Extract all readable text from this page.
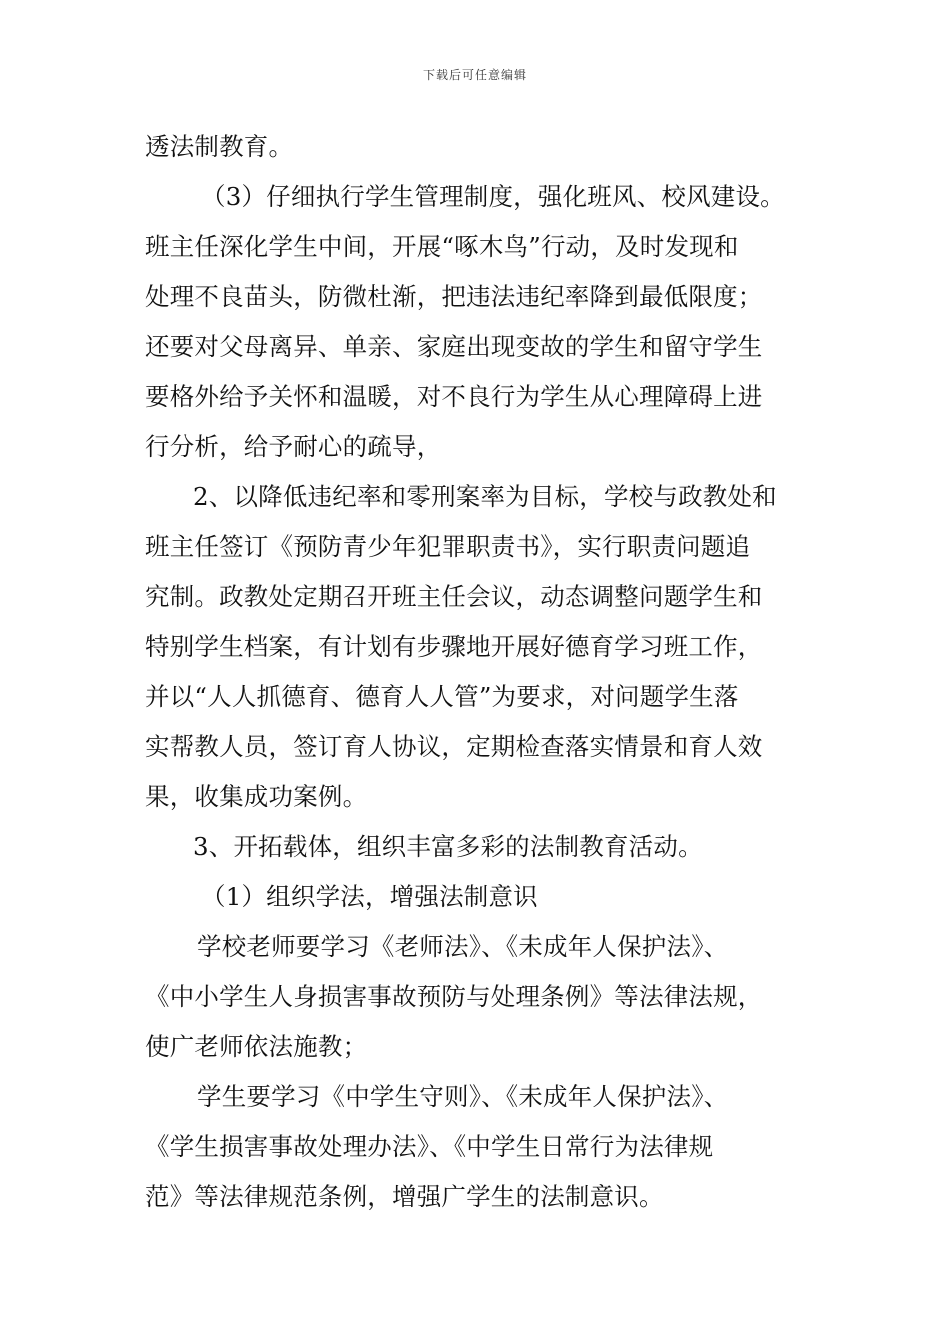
下载后可任意编辑
透法制教育。
（3）仔细执行学生管理制度，强化班风、校风建设。
班主任深化学生中间，开展“啄木鸟”行动，及时发现和
处理不良苗头，防微杜渐，把违法违纪率降到最低限度；
还要对父母离异、单亲、家庭出现变故的学生和留守学生
要格外给予关怀和温暖，对不良行为学生从心理障碍上进
行分析，给予耐心的疏导，
2、以降低违纪率和零刑案率为目标，学校与政教处和
班主任签订《预防青少年犯罪职责书》，实行职责问题追
究制。政教处定期召开班主任会议，动态调整问题学生和
特别学生档案，有计划有步骤地开展好德育学习班工作，
并以“人人抓德育、德育人人管”为要求，对问题学生落
实帮教人员，签订育人协议，定期检查落实情景和育人效
果，收集成功案例。
3、开拓载体，组织丰富多彩的法制教育活动。
（1）组织学法，增强法制意识
学校老师要学习《老师法》、《未成年人保护法》、
《中小学生人身损害事故预防与处理条例》等法律法规，
使广老师依法施教；
学生要学习《中学生守则》、《未成年人保护法》、
《学生损害事故处理办法》、《中学生日常行为法律规
范》等法律规范条例，增强广学生的法制意识。
